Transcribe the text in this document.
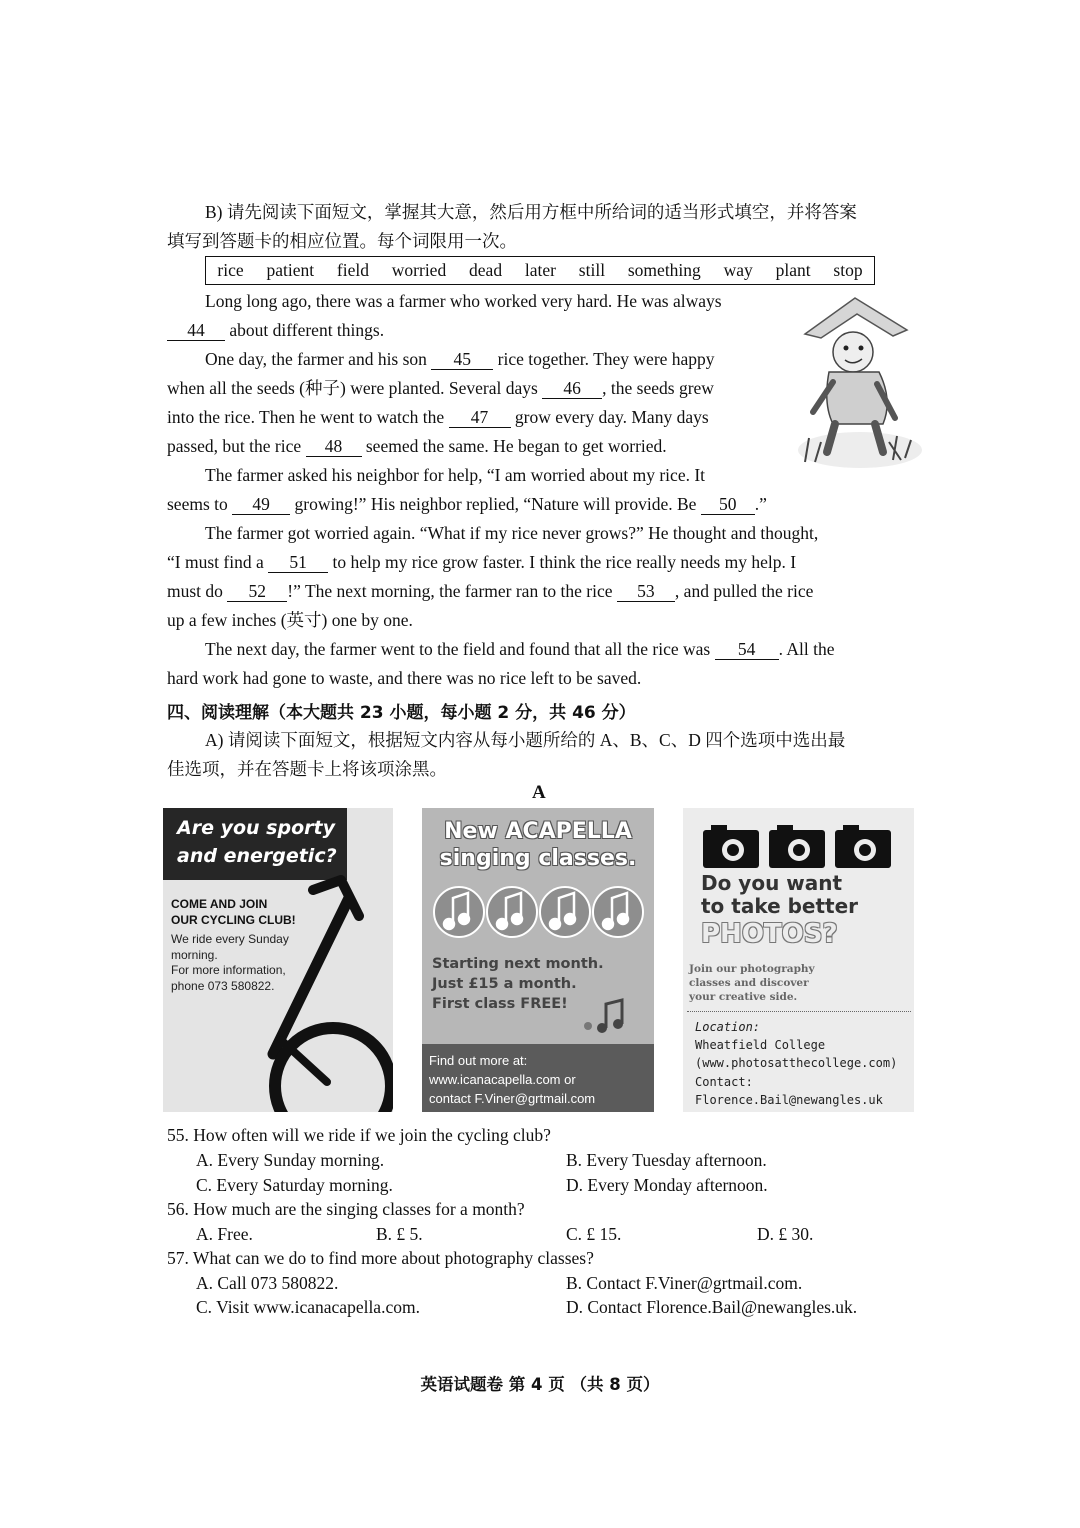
B) 请先阅读下面短文，掌握其大意，然后用方框中所给词的适当形式填空，并将答案

填写到答题卡的相应位置。每个词限用一次。

rice patient field worried dead later still something way plant stop

Long long ago, there was a farmer who worked very hard. He was always

44 about different things.

One day, the farmer and his son 45 rice together. They were happy

when all the seeds (种子) were planted. Several days 46 , the seeds grew

into the rice. Then he went to watch the 47 grow every day. Many days

passed, but the rice 48 seemed the same. He began to get worried.

The farmer asked his neighbor for help, “I am worried about my rice. It

seems to 49 growing!” His neighbor replied, “Nature will provide. Be 50 .”

The farmer got worried again. “What if my rice never grows?” He thought and thought,

“I must find a 51 to help my rice grow faster. I think the rice really needs my help. I

must do 52 !” The next morning, the farmer ran to the rice 53 , and pulled the rice

up a few inches (英寸) one by one.

The next day, the farmer went to the field and found that all the rice was 54 . All the

hard work had gone to waste, and there was no rice left to be saved.

四、阅读理解（本大题共 23 小题，每小题 2 分，共 46 分）

A) 请阅读下面短文，根据短文内容从每小题所给的 A、B、C、D 四个选项中选出最

佳选项，并在答题卡上将该项涂黑。

A

Are you sporty
and energetic?
COME AND JOIN
OUR CYCLING CLUB!
We ride every Sunday
morning.
For more information,
phone 073 580822.
New ACAPELLA
singing classes.
Starting next month.
Just £15 a month.
First class FREE!
Find out more at:
www.icanacapella.com or
contact F.Viner@grtmail.com
Do you want
to take better
PHOTOS?
Join our photography
classes and discover
your creative side.
Location:
Wheatfield College
(www.photosatthecollege.com)
Contact:
Florence.Bail@newangles.uk

55. How often will we ride if we join the cycling club?

A. Every Sunday morning.	B. Every Tuesday afternoon.
C. Every Saturday morning.	D. Every Monday afternoon.

56. How much are the singing classes for a month?

A. Free.	B. £ 5.	C. £ 15.	D. £ 30.

57. What can we do to find more about photography classes?

A. Call 073 580822.	B. Contact F.Viner@grtmail.com.
C. Visit www.icanacapella.com.	D. Contact Florence.Bail@newangles.uk.

英语试题卷 第 4 页 （共 8 页）
